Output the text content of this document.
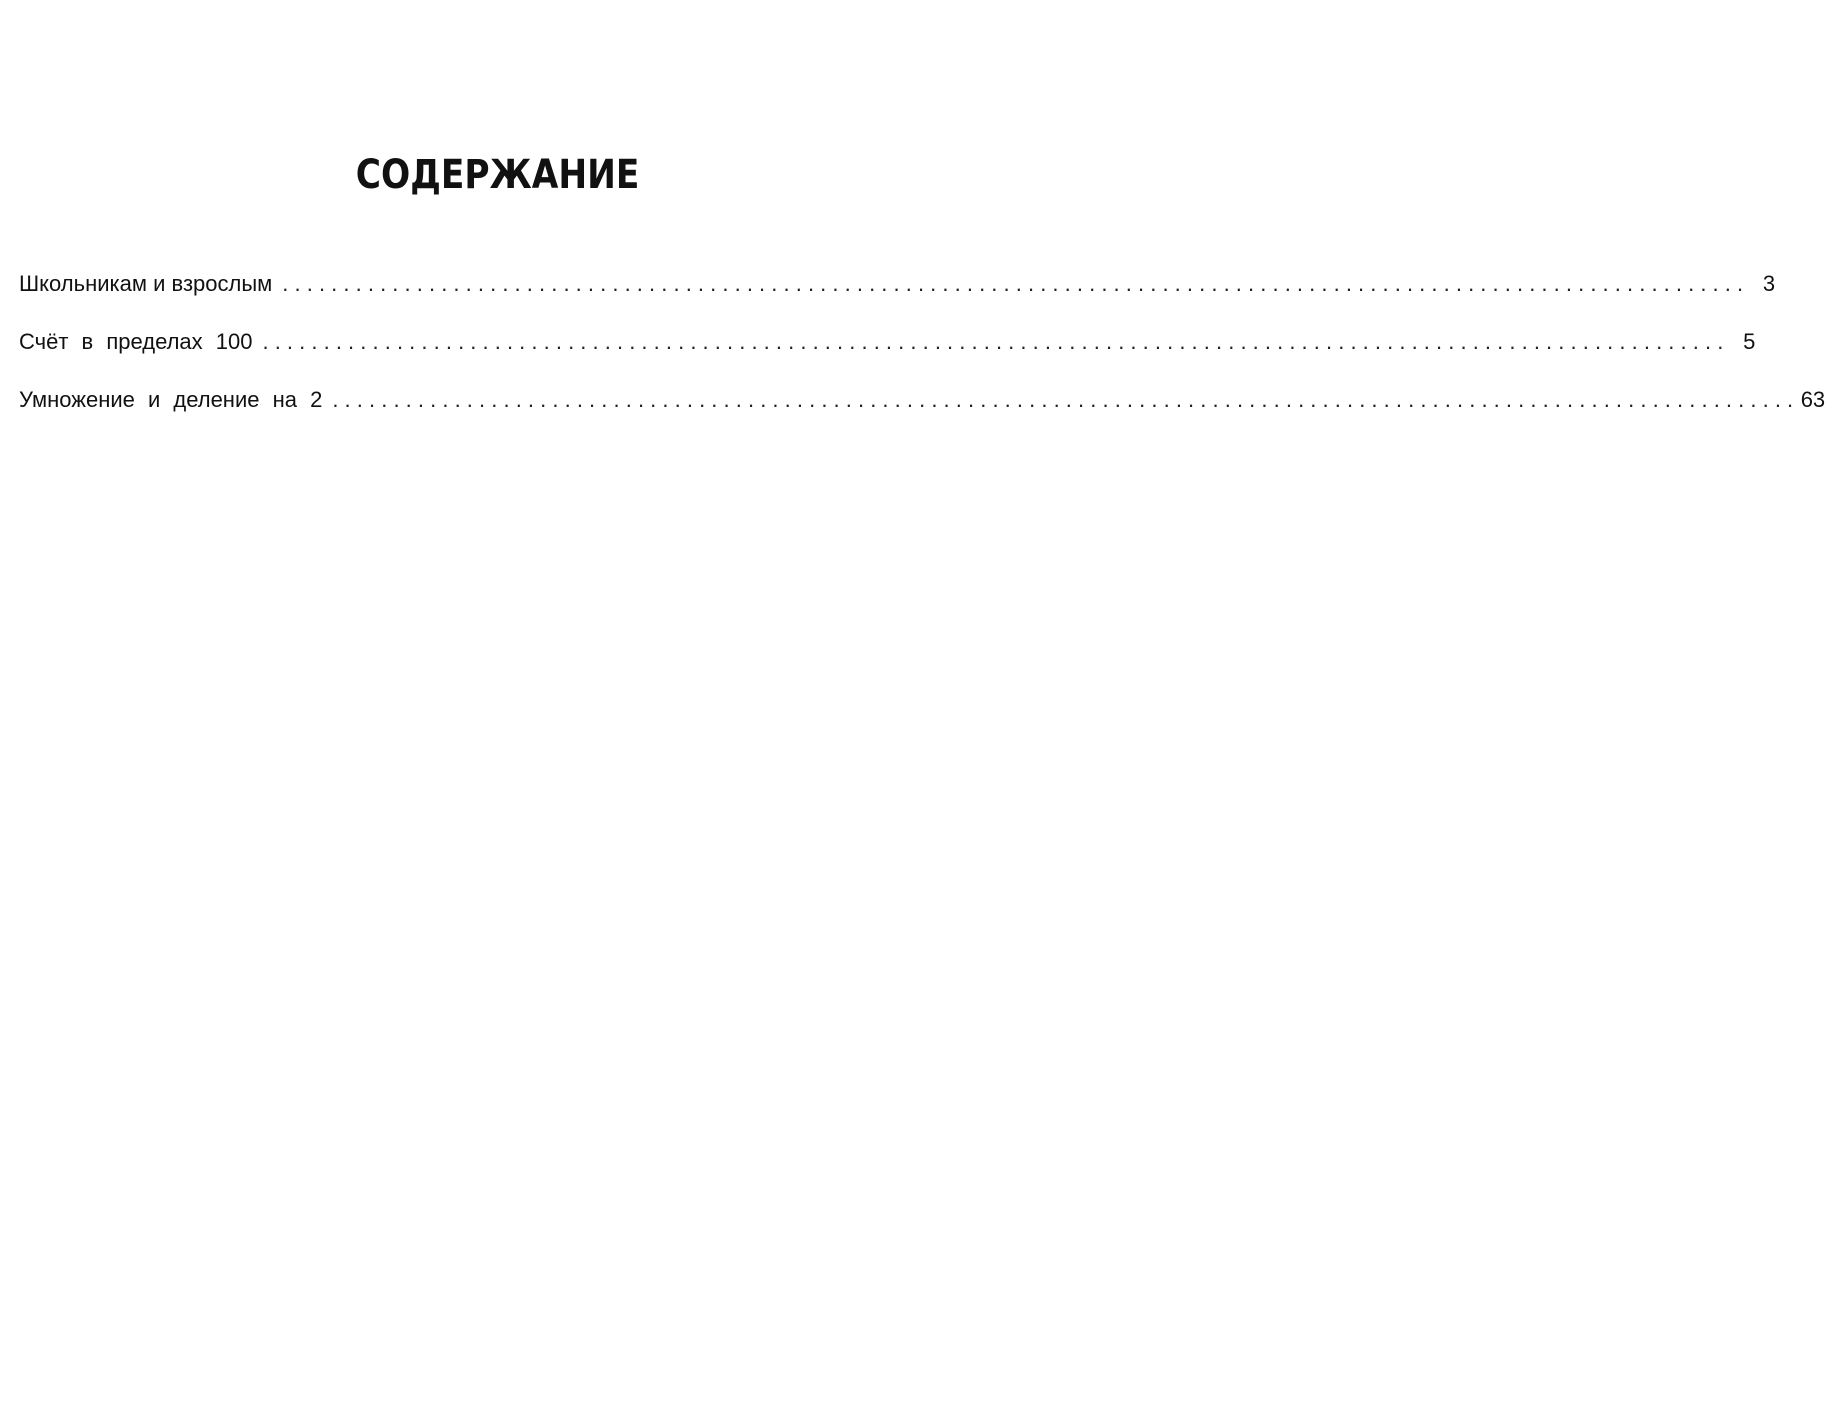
СОДЕРЖАНИЕ
Школьникам и взрослым . . . . . . . . . . . . . . . . . . . . . . . . . . . . . . . . . . . . . . . . . . . . . . . . . . . . . . . . . . . . . . . . . . . . . . . . . . . . . . . . . . . . . . . . . . . . . . . . . . . . . . . . . . . . . . . . . . . . . . . . 3
Счёт в пределах 100 . . . . . . . . . . . . . . . . . . . . . . . . . . . . . . . . . . . . . . . . . . . . . . . . . . . . . . . . . . . . . . . . . . . . . . . . . . . . . . . . . . . . . . . . . . . . . . . . . . . . . . . . . . . . . . . . . . . . . . . . 5
Умножение и деление на 2 . . . . . . . . . . . . . . . . . . . . . . . . . . . . . . . . . . . . . . . . . . . . . . . . . . . . . . . . . . . . . . . . . . . . . . . . . . . . . . . . . . . . . . . . . . . . . . . . . . . . . . . . . . . . . . . . . . . . . . . . 63
